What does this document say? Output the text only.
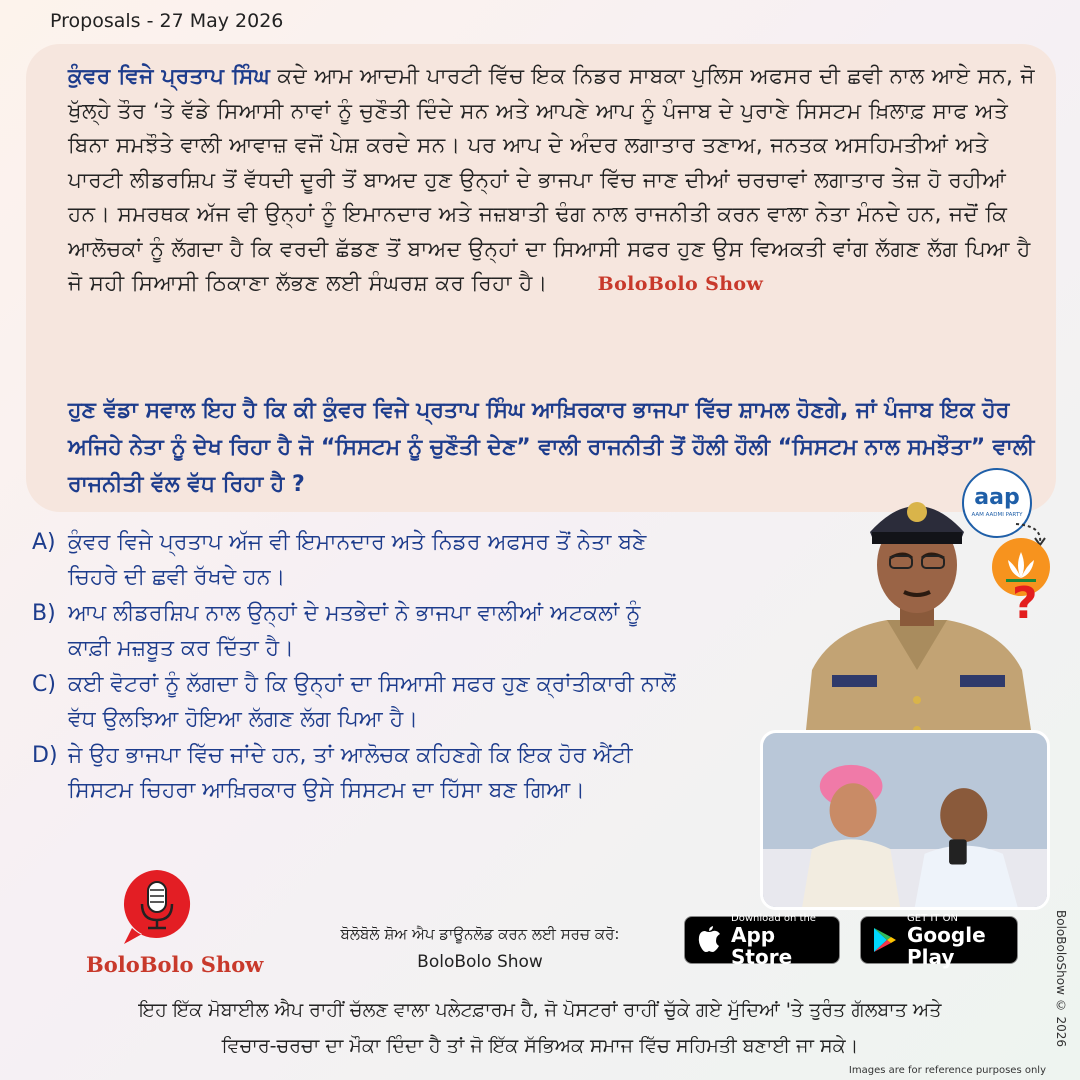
Proposals - 27 May 2026
ਕੁੰਵਰ ਵਿਜੇ ਪ੍ਰਤਾਪ ਸਿੰਘ ਕਦੇ ਆਮ ਆਦਮੀ ਪਾਰਟੀ ਵਿੱਚ ਇਕ ਨਿਡਰ ਸਾਬਕਾ ਪੁਲਿਸ ਅਫਸਰ ਦੀ ਛਵੀ ਨਾਲ ਆਏ ਸਨ, ਜੋ ਖੁੱਲ੍ਹੇ ਤੌਰ ‘ਤੇ ਵੱਡੇ ਸਿਆਸੀ ਨਾਵਾਂ ਨੂੰ ਚੁਣੌਤੀ ਦਿੰਦੇ ਸਨ ਅਤੇ ਆਪਣੇ ਆਪ ਨੂੰ ਪੰਜਾਬ ਦੇ ਪੁਰਾਣੇ ਸਿਸਟਮ ਖ਼ਿਲਾਫ਼ ਸਾਫ ਅਤੇ ਬਿਨਾ ਸਮਝੌਤੇ ਵਾਲੀ ਆਵਾਜ਼ ਵਜੋਂ ਪੇਸ਼ ਕਰਦੇ ਸਨ। ਪਰ ਆਪ ਦੇ ਅੰਦਰ ਲਗਾਤਾਰ ਤਣਾਅ, ਜਨਤਕ ਅਸਹਿਮਤੀਆਂ ਅਤੇ ਪਾਰਟੀ ਲੀਡਰਸ਼ਿਪ ਤੋਂ ਵੱਧਦੀ ਦੂਰੀ ਤੋਂ ਬਾਅਦ ਹੁਣ ਉਨ੍ਹਾਂ ਦੇ ਭਾਜਪਾ ਵਿੱਚ ਜਾਣ ਦੀਆਂ ਚਰਚਾਵਾਂ ਲਗਾਤਾਰ ਤੇਜ਼ ਹੋ ਰਹੀਆਂ ਹਨ। ਸਮਰਥਕ ਅੱਜ ਵੀ ਉਨ੍ਹਾਂ ਨੂੰ ਇਮਾਨਦਾਰ ਅਤੇ ਜਜ਼ਬਾਤੀ ਢੰਗ ਨਾਲ ਰਾਜਨੀਤੀ ਕਰਨ ਵਾਲਾ ਨੇਤਾ ਮੰਨਦੇ ਹਨ, ਜਦੋਂ ਕਿ ਆਲੋਚਕਾਂ ਨੂੰ ਲੱਗਦਾ ਹੈ ਕਿ ਵਰਦੀ ਛੱਡਣ ਤੋਂ ਬਾਅਦ ਉਨ੍ਹਾਂ ਦਾ ਸਿਆਸੀ ਸਫਰ ਹੁਣ ਉਸ ਵਿਅਕਤੀ ਵਾਂਗ ਲੱਗਣ ਲੱਗ ਪਿਆ ਹੈ ਜੋ ਸਹੀ ਸਿਆਸੀ ਠਿਕਾਣਾ ਲੱਭਣ ਲਈ ਸੰਘਰਸ਼ ਕਰ ਰਿਹਾ ਹੈ।	BoloBolo Show
ਹੁਣ ਵੱਡਾ ਸਵਾਲ ਇਹ ਹੈ ਕਿ ਕੀ ਕੁੰਵਰ ਵਿਜੇ ਪ੍ਰਤਾਪ ਸਿੰਘ ਆਖ਼ਿਰਕਾਰ ਭਾਜਪਾ ਵਿੱਚ ਸ਼ਾਮਲ ਹੋਣਗੇ, ਜਾਂ ਪੰਜਾਬ ਇਕ ਹੋਰ ਅਜਿਹੇ ਨੇਤਾ ਨੂੰ ਦੇਖ ਰਿਹਾ ਹੈ ਜੋ “ਸਿਸਟਮ ਨੂੰ ਚੁਣੌਤੀ ਦੇਣ” ਵਾਲੀ ਰਾਜਨੀਤੀ ਤੋਂ ਹੌਲੀ ਹੌਲੀ “ਸਿਸਟਮ ਨਾਲ ਸਮਝੌਤਾ” ਵਾਲੀ ਰਾਜਨੀਤੀ ਵੱਲ ਵੱਧ ਰਿਹਾ ਹੈ ?
A) ਕੁੰਵਰ ਵਿਜੇ ਪ੍ਰਤਾਪ ਅੱਜ ਵੀ ਇਮਾਨਦਾਰ ਅਤੇ ਨਿਡਰ ਅਫਸਰ ਤੋਂ ਨੇਤਾ ਬਣੇ
ਚਿਹਰੇ ਦੀ ਛਵੀ ਰੱਖਦੇ ਹਨ।
B) ਆਪ ਲੀਡਰਸ਼ਿਪ ਨਾਲ ਉਨ੍ਹਾਂ ਦੇ ਮਤਭੇਦਾਂ ਨੇ ਭਾਜਪਾ ਵਾਲੀਆਂ ਅਟਕਲਾਂ ਨੂੰ
ਕਾਫ਼ੀ ਮਜ਼ਬੂਤ ਕਰ ਦਿੱਤਾ ਹੈ।
C) ਕਈ ਵੋਟਰਾਂ ਨੂੰ ਲੱਗਦਾ ਹੈ ਕਿ ਉਨ੍ਹਾਂ ਦਾ ਸਿਆਸੀ ਸਫਰ ਹੁਣ ਕ੍ਰਾਂਤੀਕਾਰੀ ਨਾਲੋਂ
ਵੱਧ ਉਲਝਿਆ ਹੋਇਆ ਲੱਗਣ ਲੱਗ ਪਿਆ ਹੈ।
D) ਜੇ ਉਹ ਭਾਜਪਾ ਵਿੱਚ ਜਾਂਦੇ ਹਨ, ਤਾਂ ਆਲੋਚਕ ਕਹਿਣਗੇ ਕਿ ਇਕ ਹੋਰ ਐਂਟੀ
ਸਿਸਟਮ ਚਿਹਰਾ ਆਖ਼ਿਰਕਾਰ ਉਸੇ ਸਿਸਟਮ ਦਾ ਹਿੱਸਾ ਬਣ ਗਿਆ।
aap
AAM AADMI PARTY
?
BoloBolo Show
ਬੋਲੋਬੋਲੋ ਸ਼ੋਅ ਐਪ ਡਾਊਨਲੋਡ ਕਰਨ ਲਈ ਸਰਚ ਕਰੋ:
BoloBolo Show
Download on the
App Store
GET IT ON
Google Play	BoloBoloShow © 2026
ਇਹ ਇੱਕ ਮੋਬਾਈਲ ਐਪ ਰਾਹੀਂ ਚੱਲਣ ਵਾਲਾ ਪਲੇਟਫ਼ਾਰਮ ਹੈ, ਜੋ ਪੋਸਟਰਾਂ ਰਾਹੀਂ ਚੁੱਕੇ ਗਏ ਮੁੱਦਿਆਂ 'ਤੇ ਤੁਰੰਤ ਗੱਲਬਾਤ ਅਤੇ
ਵਿਚਾਰ-ਚਰਚਾ ਦਾ ਮੌਕਾ ਦਿੰਦਾ ਹੈ ਤਾਂ ਜੋ ਇੱਕ ਸੱਭਿਅਕ ਸਮਾਜ ਵਿੱਚ ਸਹਿਮਤੀ ਬਣਾਈ ਜਾ ਸਕੇ।
Images are for reference purposes only
